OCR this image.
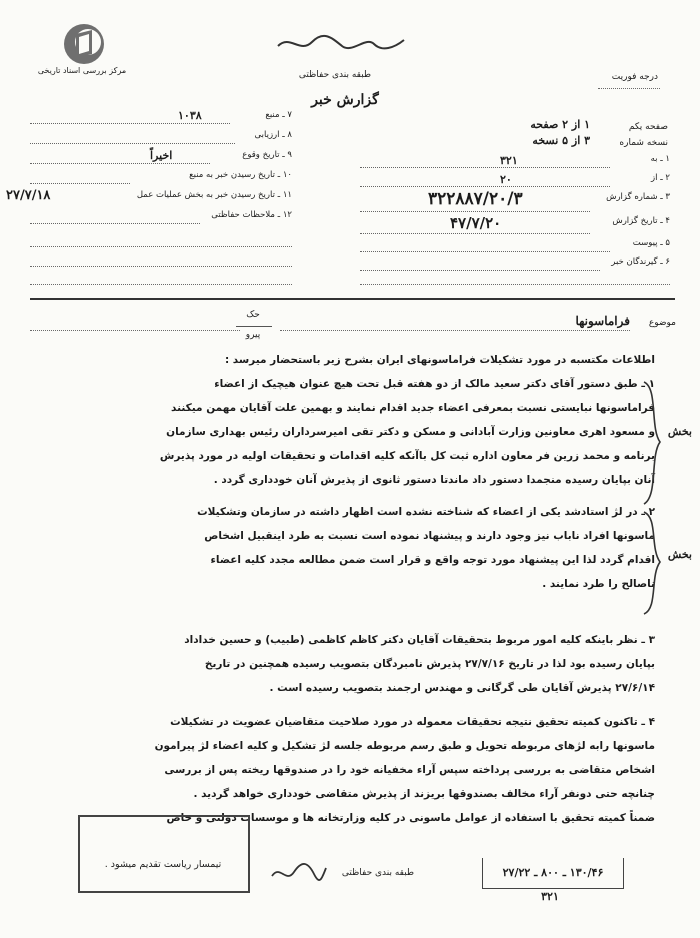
مرکز بررسی اسناد تاریخی	طبقه بندی حفاظتی
گزارش خبر
درجه فوریت
صفحه یکم
۱ از ۲ صفحه
نسخه شماره
۳ از ۵ نسخه
۱ ـ به
۳۲۱
۲ ـ از
۲۰
۳ ـ شماره گزارش
۳۲۲۸۸۷/۲۰/۳
۴ ـ تاریخ گزارش
۴۷/۷/۲۰
۵ ـ پیوست
۶ ـ گیرندگان خبر
۷ ـ منبع
۱۰۳۸
۸ ـ ارزیابی
۹ ـ تاریخ وقوع
اخیراً
۱۰ ـ تاریخ رسیدن خبر به منبع
۱۱ ـ تاریخ رسیدن خبر به بخش عملیات عمل
۲۷/۷/۱۸
۱۲ ـ ملاحظات حفاظتی
حک
پیرو
موضوع
فراماسونها
اطلاعات مکتسبه در مورد تشکیلات فراماسونهای ایران بشرح زیر باستحضار میرسد :
۱ ـ طبق دستور آقای دکتر سعید مالک از دو هفته قبل تحت هیچ عنوان هیچیک از اعضاء
فراماسونها نبایستی نسبت بمعرفی اعضاء جدید اقدام نمایند و بهمین علت آقایان مهمن میکنند
و مسعود اهری معاونین وزارت آبادانی و مسکن و دکتر تقی امیرسرداران رئیس بهداری سازمان
برنامه و محمد زرین فر معاون اداره ثبت کل باآنکه کلیه اقدامات و تحقیقات اولیه در مورد پذیرش
آنان بپایان رسیده منجمدا دستور داد ماندتا دستور ثانوی از پذیرش آنان خودداری گردد .
۲ ـ در لژ استادشد یکی از اعضاء که شناخته نشده است اظهار داشته در سازمان وتشکیلات
ماسونها افراد ناباب نیز وجود دارند و پیشنهاد نموده است نسبت به طرد اینقبیل اشخاص
اقدام گردد لذا این پیشنهاد مورد توجه واقع و قرار است ضمن مطالعه مجدد کلیه اعضاء
ناصالح را طرد نمایند .
۳ ـ نظر باینکه کلیه امور مربوط بتحقیقات آقایان دکتر کاظم کاظمی (طبیب) و حسین خداداد
بپایان رسیده بود لذا در تاریخ ۲۷/۷/۱۶ پذیرش نامبردگان بتصویب رسیده همچنین در تاریخ
۲۷/۶/۱۴ پذیرش آقایان طی گرگانی و مهندس ارجمند بتصویب رسیده است .
۴ ـ تاکنون کمیته تحقیق نتیجه تحقیقات معموله در مورد صلاحیت متقاضیان عضویت در تشکیلات
ماسونها رابه لژهای مربوطه تحویل و طبق رسم مربوطه جلسه لژ تشکیل و کلیه اعضاء لژ پیرامون
اشخاص متقاضی به بررسی پرداخته سپس آراء مخفیانه خود را در صندوقها ریخته پس از بررسی
چنانچه حتی دونفر آراء مخالف بصندوقها بریزند از پذیرش متقاضی خودداری خواهد گردید .
ضمناً کمیته تحقیق با استفاده از عوامل ماسونی در کلیه وزارتخانه ها و موسسات دولتی و خاص
بخش
بخش
تیمسار ریاست تقدیم میشود .
طبقه بندی حفاظتی	۱۳۰/۴۶ ـ ۸۰۰ ـ ۲۷/۲۲
۳۲۱
